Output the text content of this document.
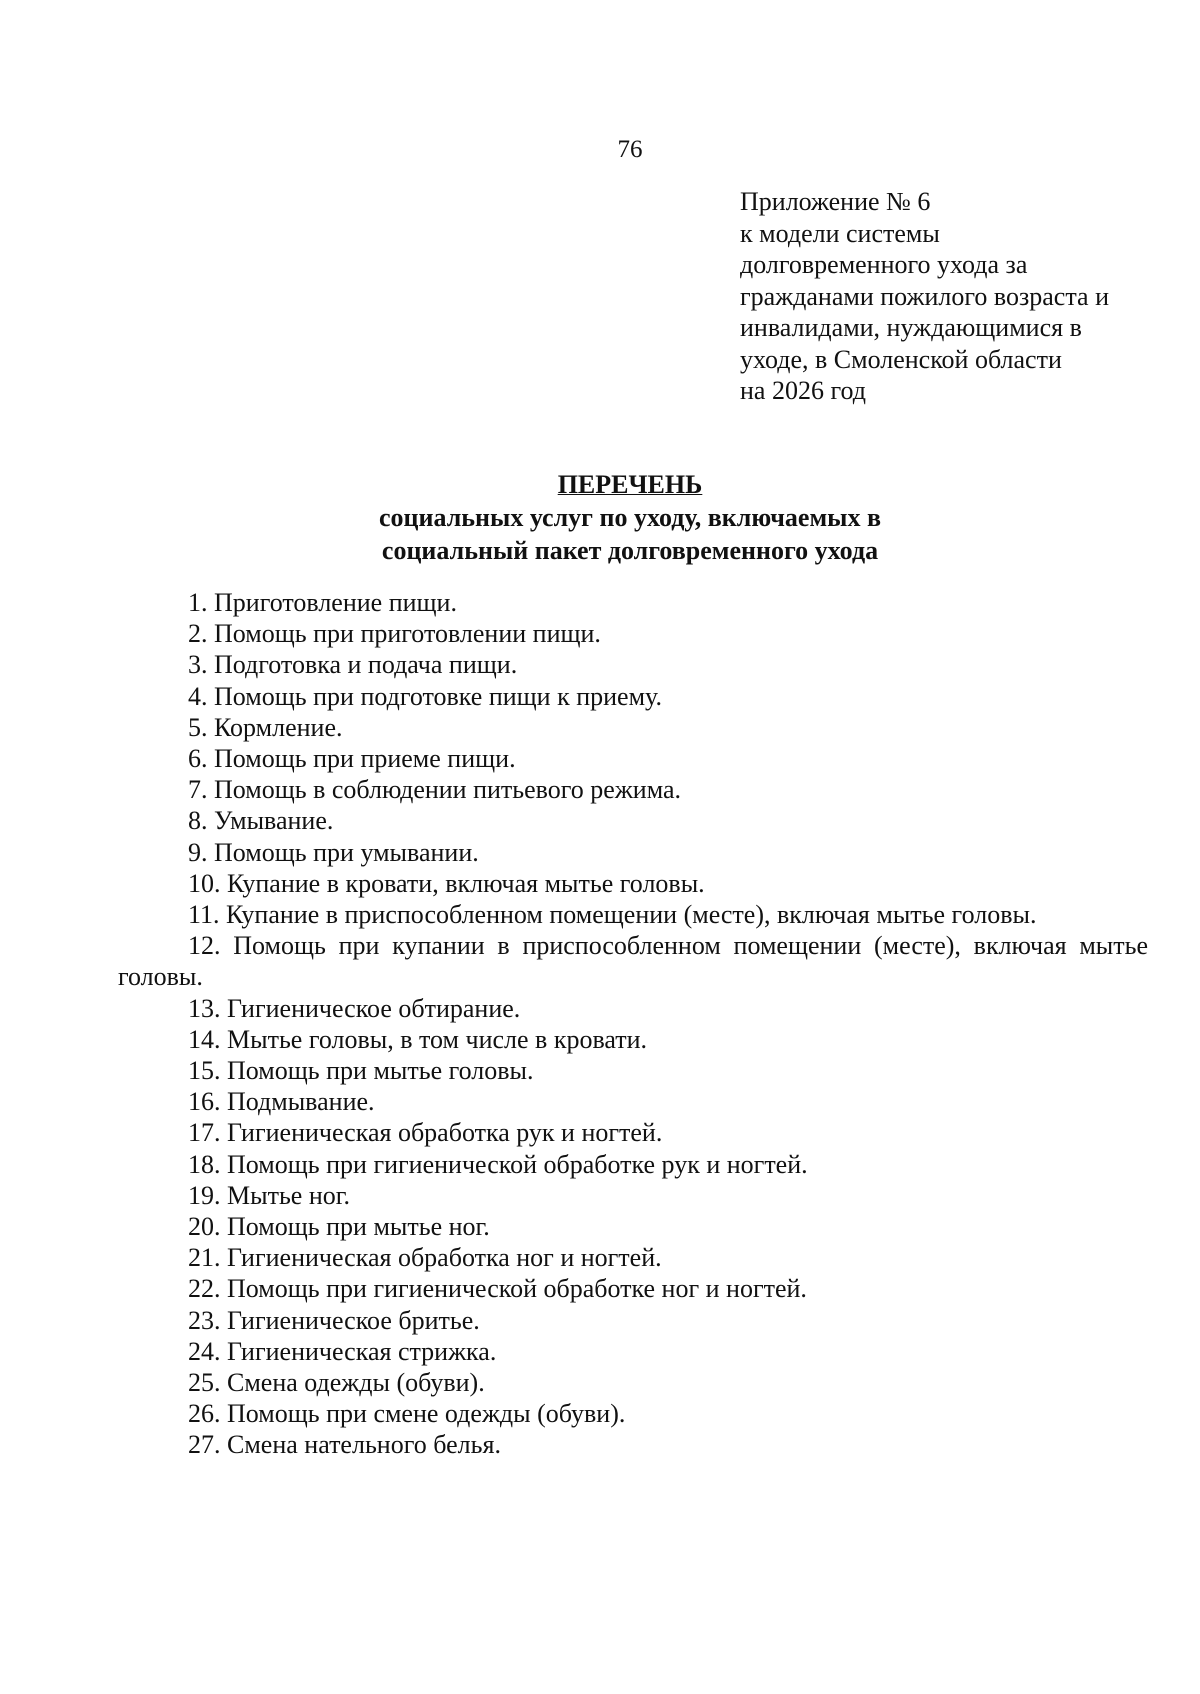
76
Приложение № 6
к модели системы
долговременного ухода за
гражданами пожилого возраста и
инвалидами, нуждающимися в
уходе, в Смоленской области
на 2026 год
ПЕРЕЧЕНЬ
социальных услуг по уходу, включаемых в
социальный пакет долговременного ухода
1. Приготовление пищи.
2. Помощь при приготовлении пищи.
3. Подготовка и подача пищи.
4. Помощь при подготовке пищи к приему.
5. Кормление.
6. Помощь при приеме пищи.
7. Помощь в соблюдении питьевого режима.
8. Умывание.
9. Помощь при умывании.
10. Купание в кровати, включая мытье головы.
11. Купание в приспособленном помещении (месте), включая мытье головы.
12. Помощь при купании в приспособленном помещении (месте), включая мытье головы.
13. Гигиеническое обтирание.
14. Мытье головы, в том числе в кровати.
15. Помощь при мытье головы.
16. Подмывание.
17. Гигиеническая обработка рук и ногтей.
18. Помощь при гигиенической обработке рук и ногтей.
19. Мытье ног.
20. Помощь при мытье ног.
21. Гигиеническая обработка ног и ногтей.
22. Помощь при гигиенической обработке ног и ногтей.
23. Гигиеническое бритье.
24. Гигиеническая стрижка.
25. Смена одежды (обуви).
26. Помощь при смене одежды (обуви).
27. Смена нательного белья.
